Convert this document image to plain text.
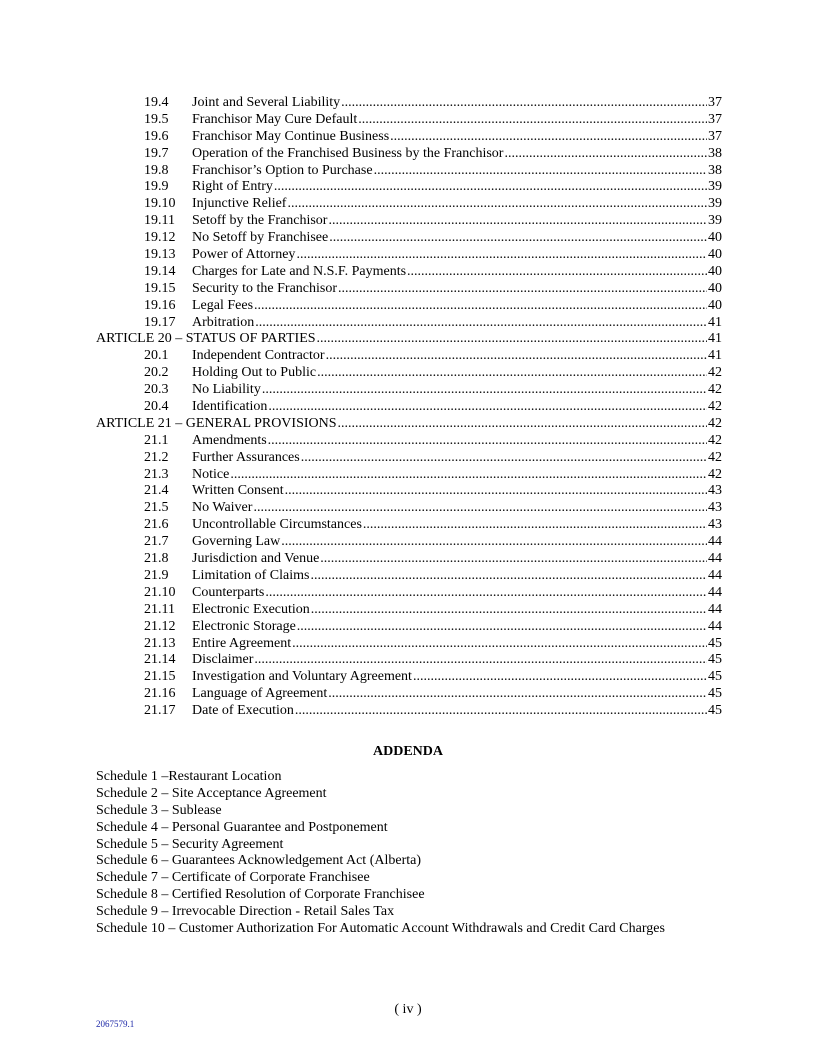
19.4	Joint and Several Liability .....	37
19.5	Franchisor May Cure Default .....	37
19.6	Franchisor May Continue Business .....	37
19.7	Operation of the Franchised Business by the Franchisor .....	38
19.8	Franchisor’s Option to Purchase .....	38
19.9	Right of Entry .....	39
19.10	Injunctive Relief .....	39
19.11	Setoff by the Franchisor .....	39
19.12	No Setoff by Franchisee .....	40
19.13	Power of Attorney .....	40
19.14	Charges for Late and N.S.F. Payments .....	40
19.15	Security to the Franchisor .....	40
19.16	Legal Fees .....	40
19.17	Arbitration .....	41
ARTICLE 20 – STATUS OF PARTIES .....	41
20.1	Independent Contractor .....	41
20.2	Holding Out to Public .....	42
20.3	No Liability .....	42
20.4	Identification .....	42
ARTICLE 21 – GENERAL PROVISIONS .....	42
21.1	Amendments .....	42
21.2	Further Assurances .....	42
21.3	Notice .....	42
21.4	Written Consent .....	43
21.5	No Waiver .....	43
21.6	Uncontrollable Circumstances .....	43
21.7	Governing Law .....	44
21.8	Jurisdiction and Venue .....	44
21.9	Limitation of Claims .....	44
21.10	Counterparts .....	44
21.11	Electronic Execution .....	44
21.12	Electronic Storage .....	44
21.13	Entire Agreement .....	45
21.14	Disclaimer .....	45
21.15	Investigation and Voluntary Agreement .....	45
21.16	Language of Agreement .....	45
21.17	Date of Execution .....	45
ADDENDA
Schedule 1 –Restaurant Location
Schedule 2 – Site Acceptance Agreement
Schedule 3 – Sublease
Schedule 4 – Personal Guarantee and Postponement
Schedule 5 – Security Agreement
Schedule 6 – Guarantees Acknowledgement Act (Alberta)
Schedule 7 – Certificate of Corporate Franchisee
Schedule 8 – Certified Resolution of Corporate Franchisee
Schedule 9 – Irrevocable Direction - Retail Sales Tax
Schedule 10 – Customer Authorization For Automatic Account Withdrawals and Credit Card Charges
( iv )
2067579.1
